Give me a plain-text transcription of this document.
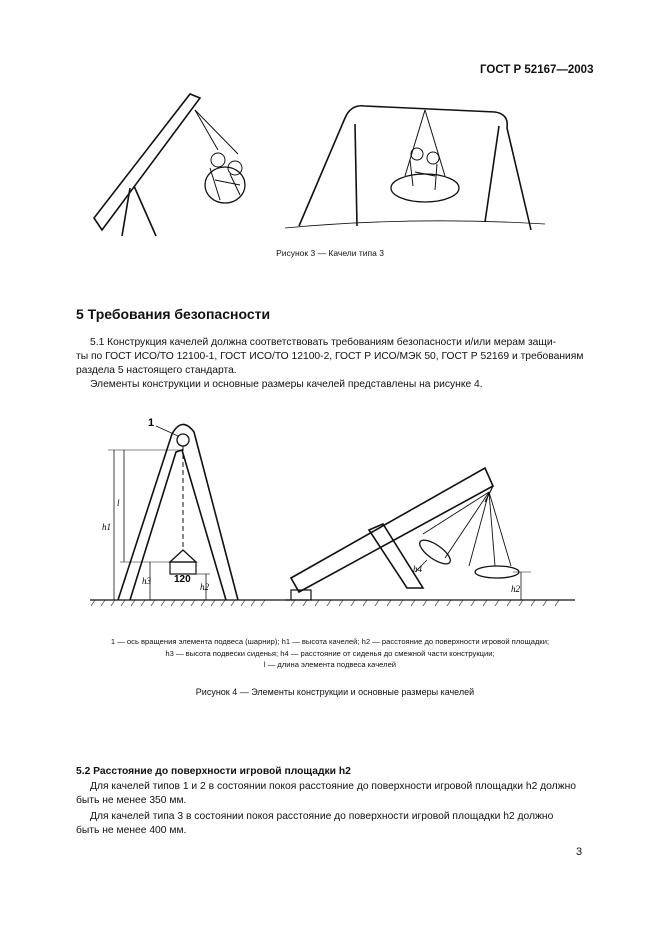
ГОСТ Р 52167—2003
Рисунок 3 — Качели типа 3
5 Требования безопасности
5.1 Конструкция качелей должна соответствовать требованиям безопасности и/или мерам защи-
ты по ГОСТ ИСО/ТО 12100-1, ГОСТ ИСО/ТО 12100-2, ГОСТ Р ИСО/МЭК 50, ГОСТ Р 52169 и требованиям
раздела 5 настоящего стандарта.
Элементы конструкции и основные размеры качелей представлены на рисунке 4.
1
h1
l
h3
h2
120
h4
h2
1 — ось вращения элемента подвеса (шарнир); h1 — высота качелей; h2 — расстояние до поверхности игровой площадки;
h3 — высота подвески сиденья; h4 — расстояние от сиденья до смежной части конструкции;
l — длина элемента подвеса качелей
Рисунок 4 — Элементы конструкции и основные размеры качелей
5.2 Расстояние до поверхности игровой площадки h2
Для качелей типов 1 и 2 в состоянии покоя расстояние до поверхности игровой площадки h2 должно
быть не менее 350 мм.
Для качелей типа 3 в состоянии покоя расстояние до поверхности игровой площадки h2 должно
быть не менее 400 мм.
3
